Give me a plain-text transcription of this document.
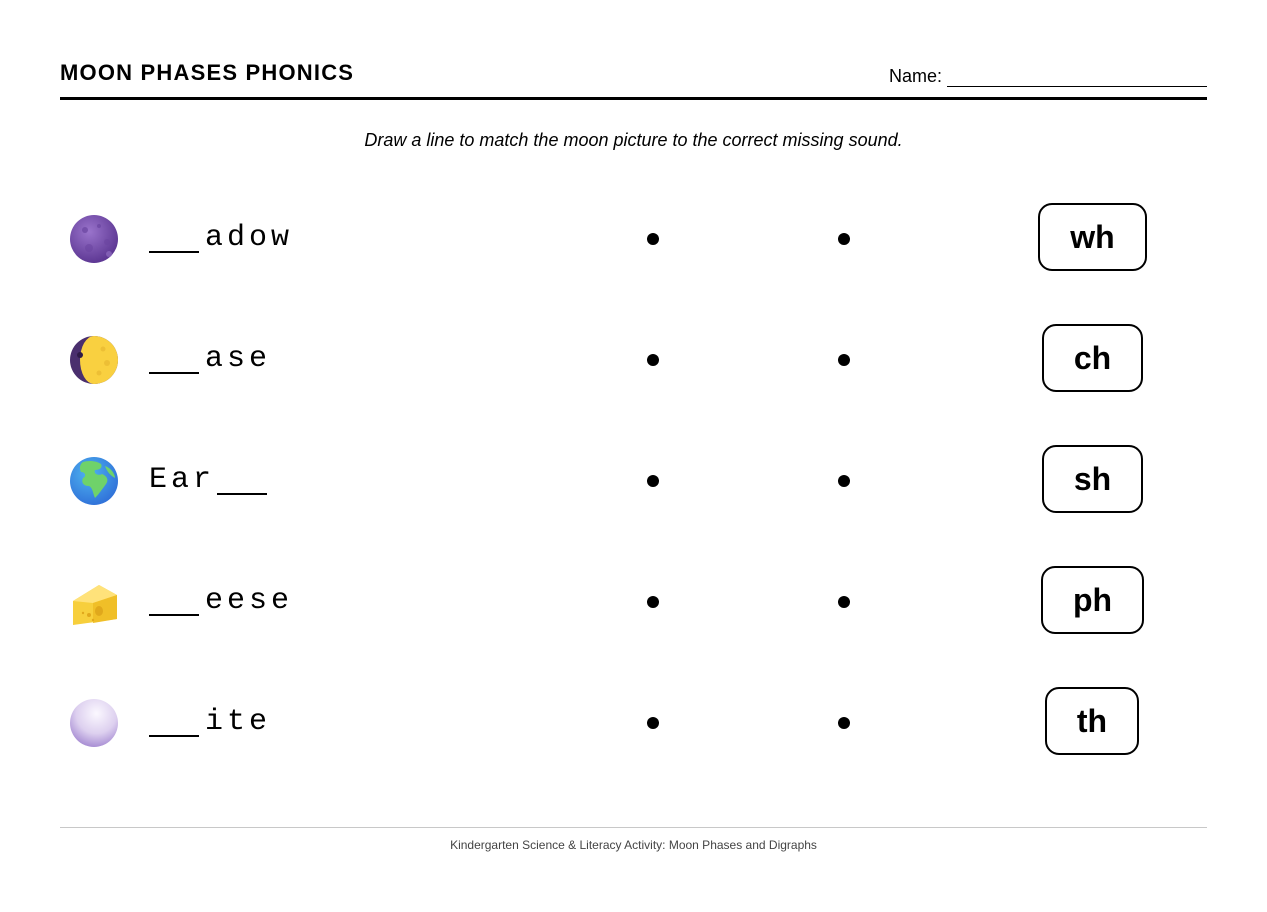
MOON PHASES PHONICS	Name:
Draw a line to match the moon picture to the correct missing sound.
adow	wh
ase	ch
Ear	sh
eese	ph
ite	th
Kindergarten Science & Literacy Activity: Moon Phases and Digraphs
